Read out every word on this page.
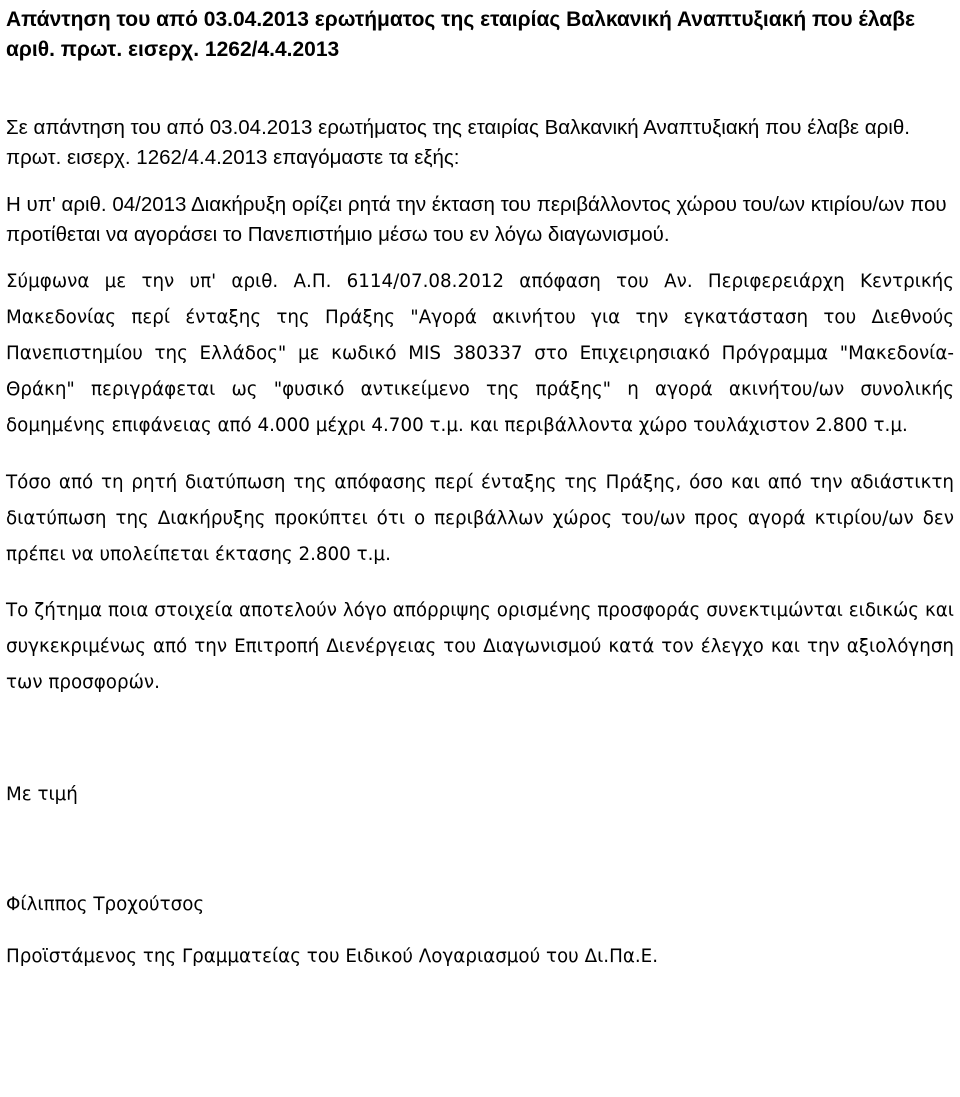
Απάντηση του από 03.04.2013 ερωτήματος της εταιρίας Βαλκανική Αναπτυξιακή που έλαβε αριθ. πρωτ. εισερχ. 1262/4.4.2013

Σε απάντηση του από 03.04.2013 ερωτήματος της εταιρίας Βαλκανική Αναπτυξιακή που έλαβε αριθ. πρωτ. εισερχ. 1262/4.4.2013 επαγόμαστε τα εξής:

Η υπ' αριθ. 04/2013 Διακήρυξη ορίζει ρητά την έκταση του περιβάλλοντος χώρου του/ων κτιρίου/ων που προτίθεται να αγοράσει το Πανεπιστήμιο μέσω του εν λόγω διαγωνισμού.

Σύμφωνα με την υπ' αριθ. Α.Π. 6114/07.08.2012 απόφαση του Αν. Περιφερειάρχη Κεντρικής Μακεδονίας περί ένταξης της Πράξης "Αγορά ακινήτου για την εγκατάσταση του Διεθνούς Πανεπιστημίου της Ελλάδος" με κωδικό MIS 380337 στο Επιχειρησιακό Πρόγραμμα "Μακεδονία-Θράκη" περιγράφεται ως "φυσικό αντικείμενο της πράξης" η αγορά ακινήτου/ων συνολικής δομημένης επιφάνειας από 4.000 μέχρι 4.700 τ.μ. και περιβάλλοντα χώρο τουλάχιστον 2.800 τ.μ.

Τόσο από τη ρητή διατύπωση της απόφασης περί ένταξης της Πράξης, όσο και από την αδιάστικτη διατύπωση της Διακήρυξης προκύπτει ότι ο περιβάλλων χώρος του/ων προς αγορά κτιρίου/ων δεν πρέπει να υπολείπεται έκτασης 2.800 τ.μ.

Το ζήτημα ποια στοιχεία αποτελούν λόγο απόρριψης ορισμένης προσφοράς συνεκτιμώνται ειδικώς και συγκεκριμένως από την Επιτροπή Διενέργειας του Διαγωνισμού κατά τον έλεγχο και την αξιολόγηση των προσφορών.

Με τιμή

Φίλιππος Τροχούτσος

Προϊστάμενος της Γραμματείας του Ειδικού Λογαριασμού του Δι.Πα.Ε.
